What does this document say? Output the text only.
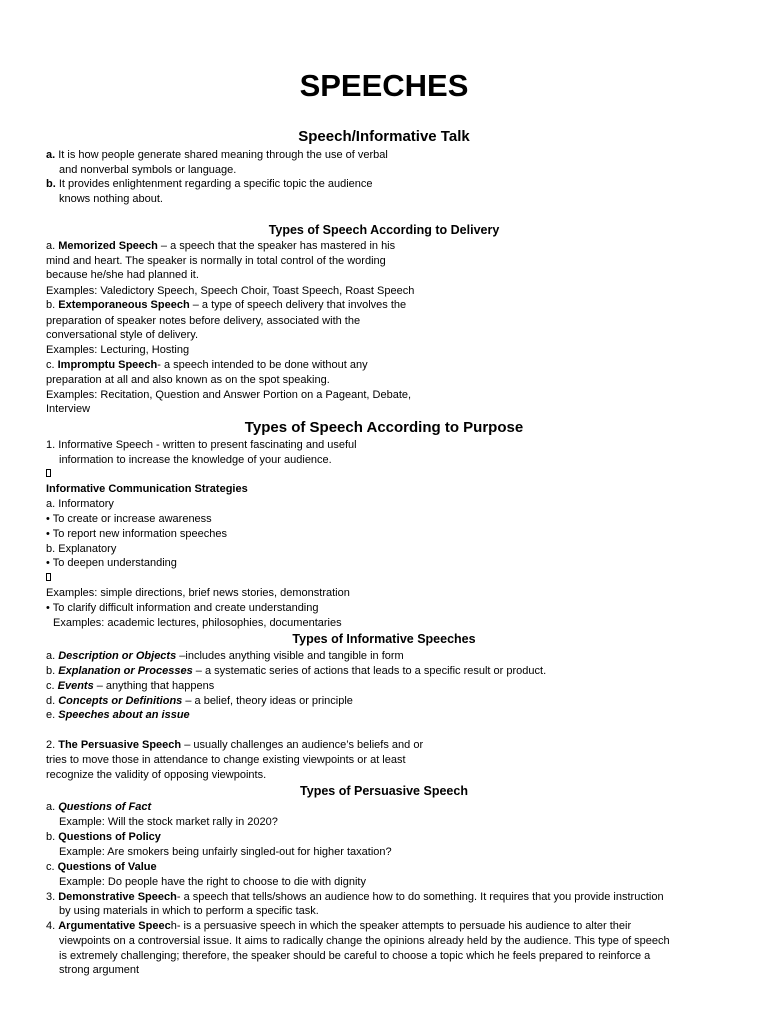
SPEECHES
Speech/Informative Talk
a. It is how people generate shared meaning through the use of verbal
and nonverbal symbols or language.
b. It provides enlightenment regarding a specific topic the audience
knows nothing about.
Types of Speech According to Delivery
a. Memorized Speech – a speech that the speaker has mastered in his
mind and heart. The speaker is normally in total control of the wording
because he/she had planned it.
Examples: Valedictory Speech, Speech Choir, Toast Speech, Roast Speech
b. Extemporaneous Speech – a type of speech delivery that involves the
preparation of speaker notes before delivery, associated with the
conversational style of delivery.
Examples: Lecturing, Hosting
c. Impromptu Speech- a speech intended to be done without any
preparation at all and also known as on the spot speaking.
Examples: Recitation, Question and Answer Portion on a Pageant, Debate,
Interview
Types of Speech According to Purpose
1. Informative Speech - written to present fascinating and useful
information to increase the knowledge of your audience.
Informative Communication Strategies
a. Informatory
• To create or increase awareness
• To report new information speeches
b. Explanatory
• To deepen understanding
Examples: simple directions, brief news stories, demonstration
• To clarify difficult information and create understanding
Examples: academic lectures, philosophies, documentaries
Types of Informative Speeches
a. Description or Objects –includes anything visible and tangible in form
b. Explanation or Processes – a systematic series of actions that leads to a specific result or product.
c. Events – anything that happens
d. Concepts or Definitions – a belief, theory ideas or principle
e. Speeches about an issue
2. The Persuasive Speech – usually challenges an audience’s beliefs and or
tries to move those in attendance to change existing viewpoints or at least
recognize the validity of opposing viewpoints.
Types of Persuasive Speech
a. Questions of Fact
Example: Will the stock market rally in 2020?
b. Questions of Policy
Example: Are smokers being unfairly singled-out for higher taxation?
c. Questions of Value
Example: Do people have the right to choose to die with dignity
3. Demonstrative Speech- a speech that tells/shows an audience how to do something. It requires that you provide instruction
by using materials in which to perform a specific task.
4. Argumentative Speech- is a persuasive speech in which the speaker attempts to persuade his audience to alter their
viewpoints on a controversial issue. It aims to radically change the opinions already held by the audience. This type of speech
is extremely challenging; therefore, the speaker should be careful to choose a topic which he feels prepared to reinforce a
strong argument
